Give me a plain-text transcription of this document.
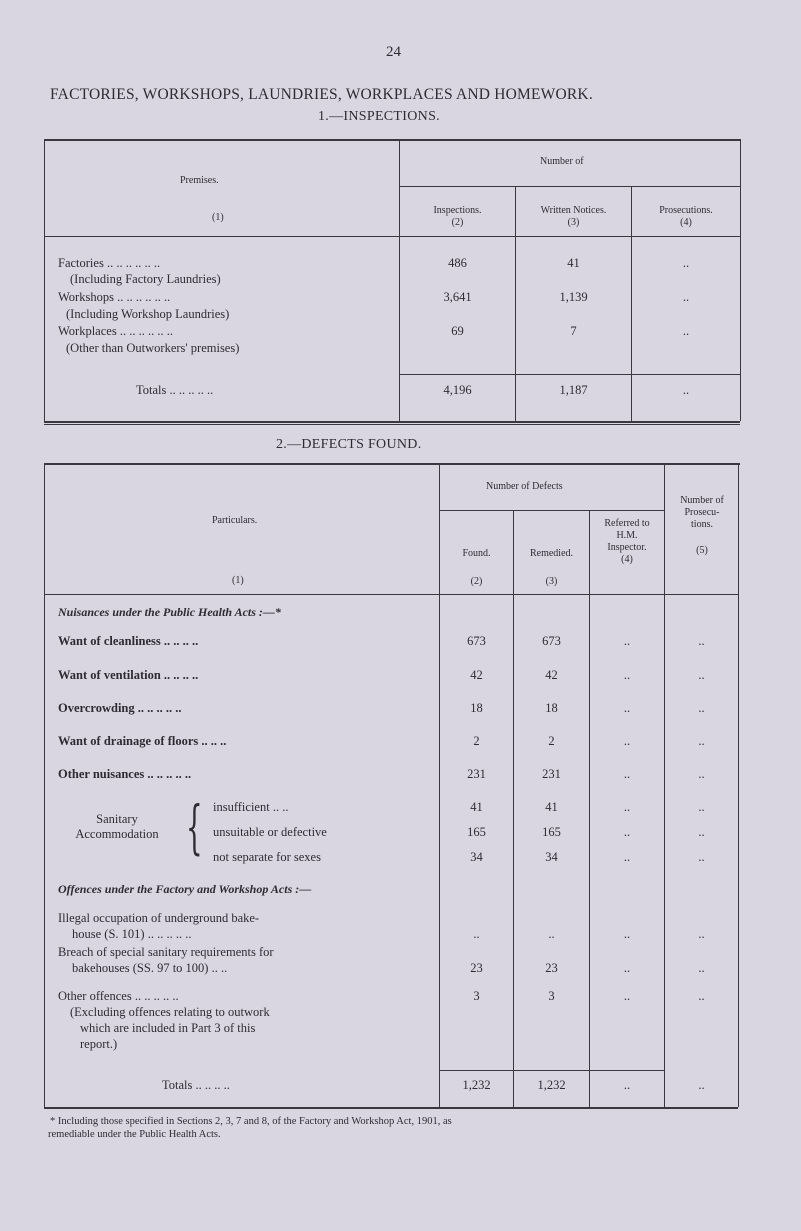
24
FACTORIES, WORKSHOPS, LAUNDRIES, WORKPLACES AND HOMEWORK.
1.—INSPECTIONS.
Premises.
(1)
Number of
Inspections.
(2)
Written Notices.
(3)
Prosecutions.
(4)
Factories .. .. .. .. .. ..
(Including Factory Laundries)
486	41	..
Workshops .. .. .. .. .. ..
(Including Workshop Laundries)
3,641	1,139	..
Workplaces .. .. .. .. .. ..
(Other than Outworkers' premises)
69	7	..
Totals .. .. .. .. ..	4,196	1,187	..
2.—DEFECTS FOUND.
Particulars.
(1)
Number of Defects
Found.
(2)
Remedied.
(3)
Referred to H.M. Inspector.
(4)
Number of Prosecu-tions.
(5)
Nuisances under the Public Health Acts :—*
Want of cleanliness .. .. .. ..	673	673	..	..
Want of ventilation .. .. .. ..	42	42	..	..
Overcrowding .. .. .. .. ..	18	18	..	..
Want of drainage of floors .. .. ..	2	2	..	..
Other nuisances .. .. .. .. ..	231	231	..	..
Sanitary
Accommodation { insufficient .. ..	41	41	..	..
unsuitable or defective	165	165	..	..
not separate for sexes	34	34	..	..
Offences under the Factory and Workshop Acts :—
Illegal occupation of underground bake-
house (S. 101) .. .. .. .. ..	..	..	..	..
Breach of special sanitary requirements for
bakehouses (SS. 97 to 100) .. ..	23	23	..	..
Other offences .. .. .. .. ..
(Excluding offences relating to outwork
which are included in Part 3 of this
report.)
3	3	..	..
Totals .. .. .. ..	1,232	1,232	..	..
* Including those specified in Sections 2, 3, 7 and 8, of the Factory and Workshop Act, 1901, as
remediable under the Public Health Acts.
